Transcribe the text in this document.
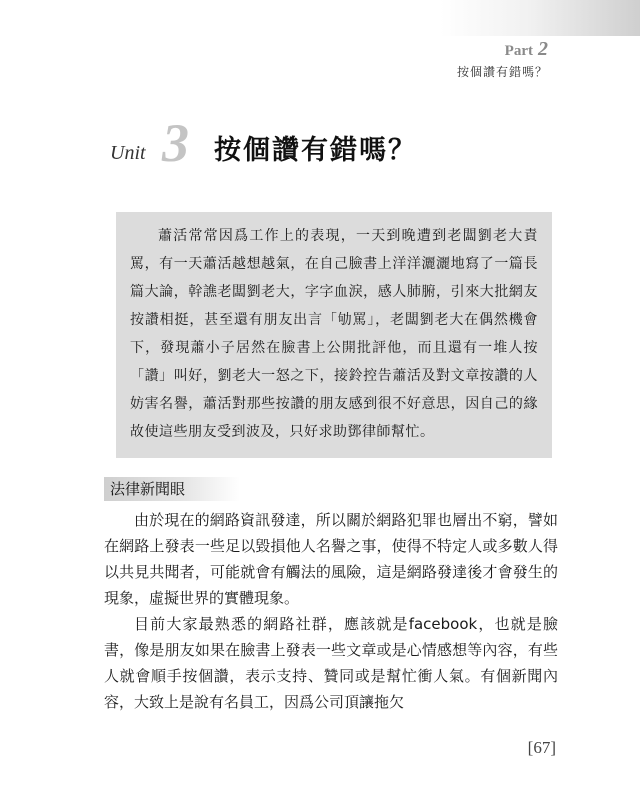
Part 2
按個讚有錯嗎？
Unit 3 按個讚有錯嗎？

蕭活常常因爲工作上的表現，一天到晚遭到老闆劉老大責罵，有一天蕭活越想越氣，在自己臉書上洋洋灑灑地寫了一篇長篇大論，幹譙老闆劉老大，字字血淚，感人肺腑，引來大批網友按讚相挺，甚至還有朋友出言「劬罵」，老闆劉老大在偶然機會下，發現蕭小子居然在臉書上公開批評他，而且還有一堆人按「讚」叫好，劉老大一怒之下，接鈴控告蕭活及對文章按讚的人妨害名譽，蕭活對那些按讚的朋友感到很不好意思，因自己的緣故使這些朋友受到波及，只好求助鄧律師幫忙。

法律新聞眼

由於現在的網路資訊發達，所以關於網路犯罪也層出不窮，譬如在網路上發表一些足以毀損他人名譽之事，使得不特定人或多數人得以共見共聞者，可能就會有觸法的風險，這是網路發達後才會發生的現象，虛擬世界的實體現象。

目前大家最熟悉的網路社群，應該就是facebook，也就是臉書，像是朋友如果在臉書上發表一些文章或是心情感想等內容，有些人就會順手按個讚，表示支持、贊同或是幫忙衝人氣。有個新聞內容，大致上是說有名員工，因爲公司頂讓拖欠

[67]
